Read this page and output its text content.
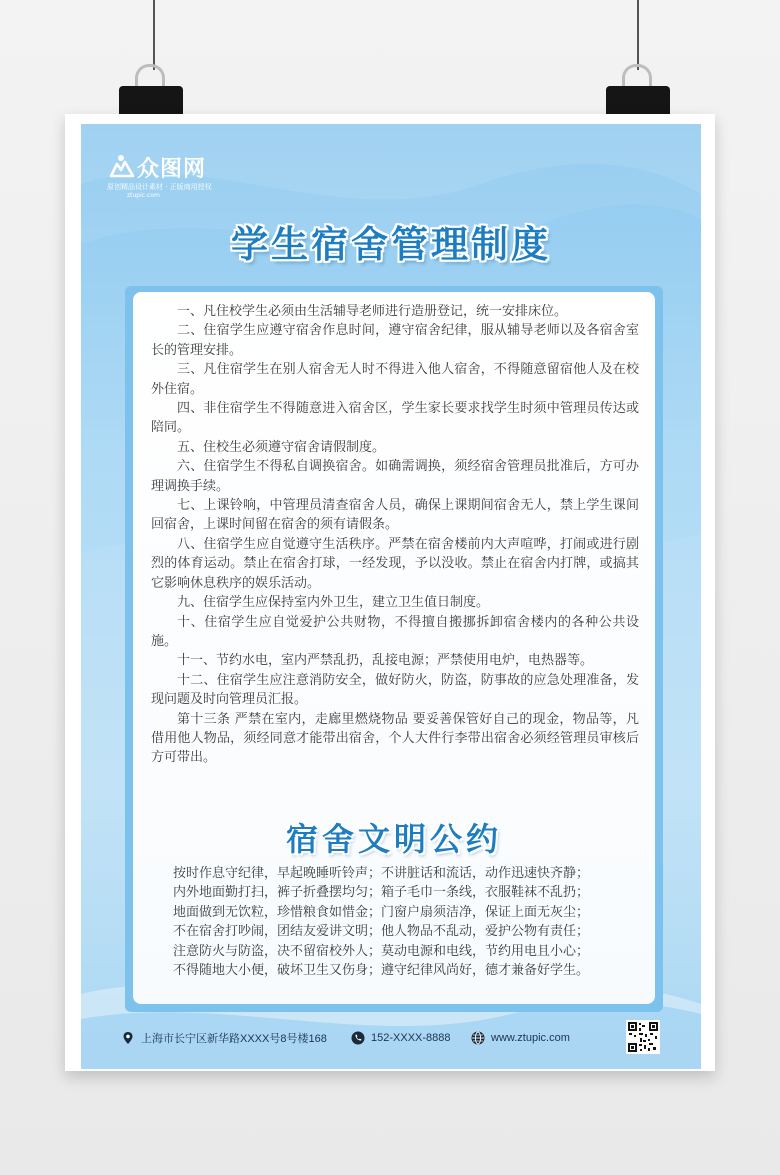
众图网
原创精品设计素材 · 正版商用授权
ztupic.com
学生宿舍管理制度
一、凡住校学生必须由生活辅导老师进行造册登记，统一安排床位。
二、住宿学生应遵守宿舍作息时间，遵守宿舍纪律，服从辅导老师以及各宿舍室长的管理安排。
三、凡住宿学生在别人宿舍无人时不得进入他人宿舍，不得随意留宿他人及在校外住宿。
四、非住宿学生不得随意进入宿舍区，学生家长要求找学生时须中管理员传达或陪同。
五、住校生必须遵守宿舍请假制度。
六、住宿学生不得私自调换宿舍。如确需调换，须经宿舍管理员批准后，方可办理调换手续。
七、上课铃响，中管理员清查宿舍人员，确保上课期间宿舍无人，禁上学生课间回宿舍，上课时间留在宿舍的须有请假条。
八、住宿学生应自觉遵守生活秩序。严禁在宿舍楼前内大声喧哗，打闹或进行剧烈的体育运动。禁止在宿舍打球，一经发现，予以没收。禁止在宿舍内打牌，或搞其它影响休息秩序的娱乐活动。
九、住宿学生应保持室内外卫生，建立卫生值日制度。
十、住宿学生应自觉爱护公共财物，不得擅自搬挪拆卸宿舍楼内的各种公共设施。
十一、节约水电，室内严禁乱扔，乱接电源；严禁使用电炉，电热器等。
十二、住宿学生应注意消防安全，做好防火，防盗，防事故的应急处理准备，发现问题及时向管理员汇报。
第十三条 严禁在室内，走廊里燃烧物品 要妥善保管好自己的现金，物品等，凡借用他人物品，须经同意才能带出宿舍，个人大件行李带出宿舍必须经管理员审核后方可带出。
宿舍文明公约
按时作息守纪律，早起晚睡听铃声；不讲脏话和流话，动作迅速快齐静；
内外地面勤打扫，裤子折叠摆均匀；箱子毛巾一条线，衣服鞋袜不乱扔；
地面做到无饮粒，珍惜粮食如惜金；门窗户扇须洁净，保证上面无灰尘；
不在宿舍打吵闹，团结友爱讲文明；他人物品不乱动，爱护公物有责任；
注意防火与防盗，决不留宿校外人；莫动电源和电线，节约用电且小心；
不得随地大小便，破坏卫生又伤身；遵守纪律风尚好，德才兼备好学生。
上海市长宁区新华路XXXX号8号楼168	152-XXXX-8888	www.ztupic.com
